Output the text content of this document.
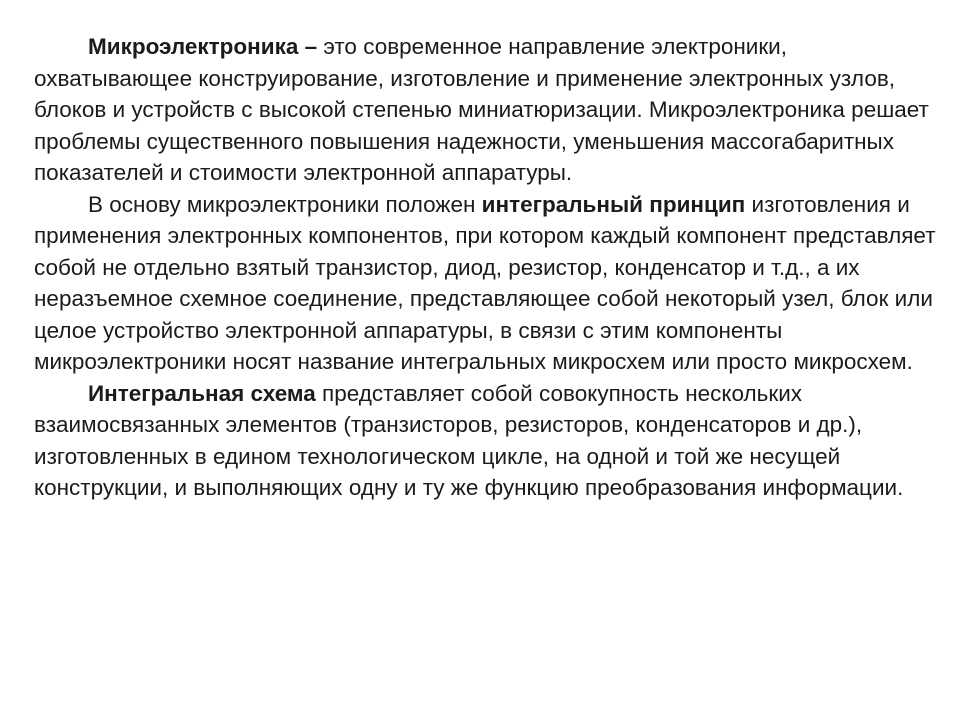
Микроэлектроника – это современное направление электроники, охватывающее конструирование, изготовление и применение электронных узлов, блоков и устройств с высокой степенью миниатюризации. Микроэлектроника решает проблемы существенного повышения надежности, уменьшения массогабаритных показателей и стоимости электронной аппаратуры.

В основу микроэлектроники положен интегральный принцип изготовления и применения электронных компонентов, при котором каждый компонент представляет собой не отдельно взятый транзистор, диод, резистор, конденсатор и т.д., а их неразъемное схемное соединение, представляющее собой некоторый узел, блок или целое устройство электронной аппаратуры, в связи с этим компоненты микроэлектроники носят название интегральных микросхем или просто микросхем.

Интегральная схема представляет собой совокупность нескольких взаимосвязанных элементов (транзисторов, резисторов, конденсаторов и др.), изготовленных в едином технологическом цикле, на одной и той же несущей конструкции, и выполняющих одну и ту же функцию преобразования информации.
